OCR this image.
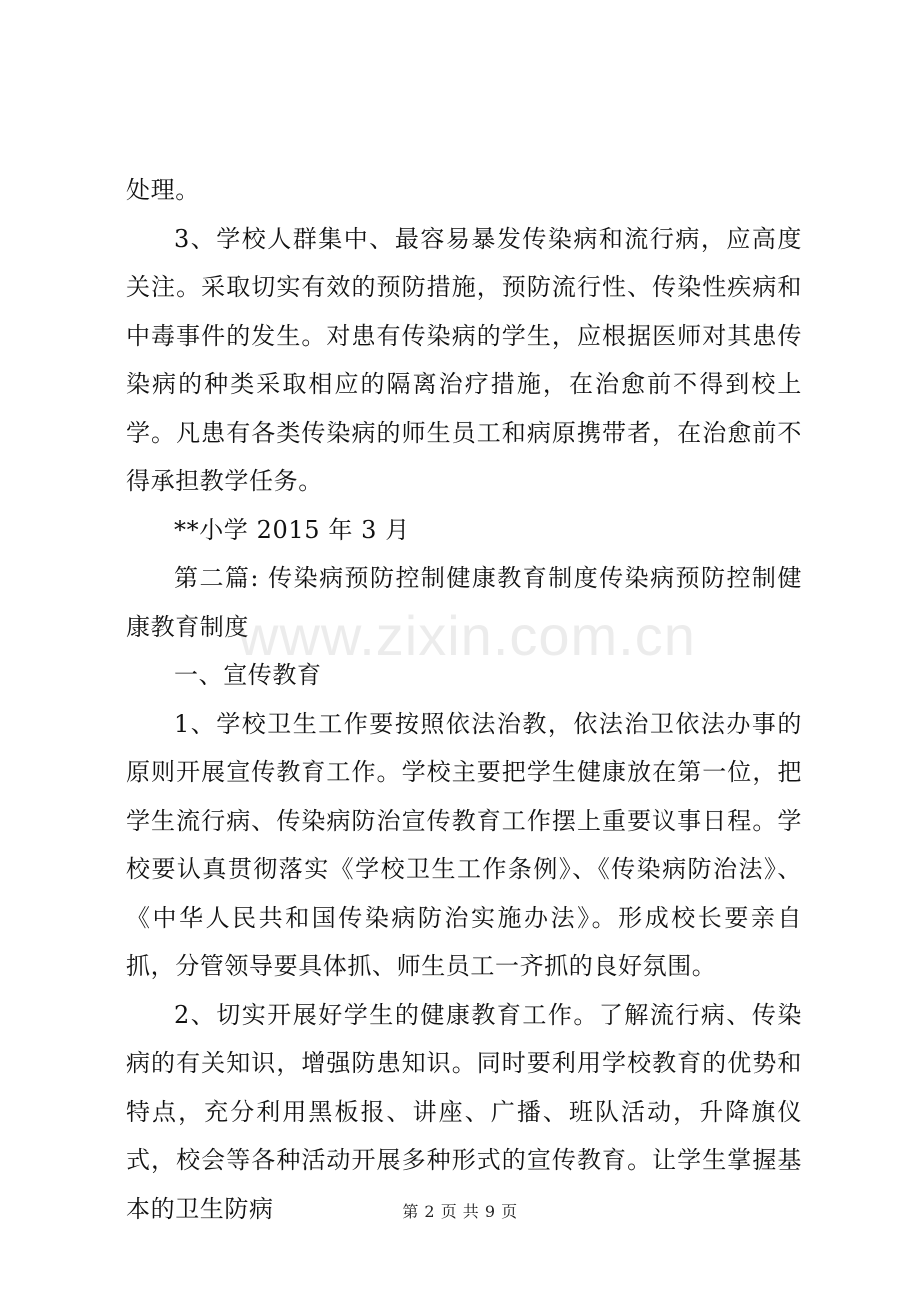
处理。

3、学校人群集中、最容易暴发传染病和流行病，应高度关注。采取切实有效的预防措施，预防流行性、传染性疾病和中毒事件的发生。对患有传染病的学生，应根据医师对其患传染病的种类采取相应的隔离治疗措施，在治愈前不得到校上学。凡患有各类传染病的师生员工和病原携带者，在治愈前不得承担教学任务。

**小学 2015 年 3 月

第二篇: 传染病预防控制健康教育制度传染病预防控制健康教育制度

一、宣传教育

1、学校卫生工作要按照依法治教，依法治卫依法办事的原则开展宣传教育工作。学校主要把学生健康放在第一位，把学生流行病、传染病防治宣传教育工作摆上重要议事日程。学校要认真贯彻落实《学校卫生工作条例》、《传染病防治法》、《中华人民共和国传染病防治实施办法》。形成校长要亲自抓，分管领导要具体抓、师生员工一齐抓的良好氛围。

2、切实开展好学生的健康教育工作。了解流行病、传染病的有关知识，增强防患知识。同时要利用学校教育的优势和特点，充分利用黑板报、讲座、广播、班队活动，升降旗仪式，校会等各种活动开展多种形式的宣传教育。让学生掌握基本的卫生防病

www.zixin.com.cn
第 2 页 共 9 页
